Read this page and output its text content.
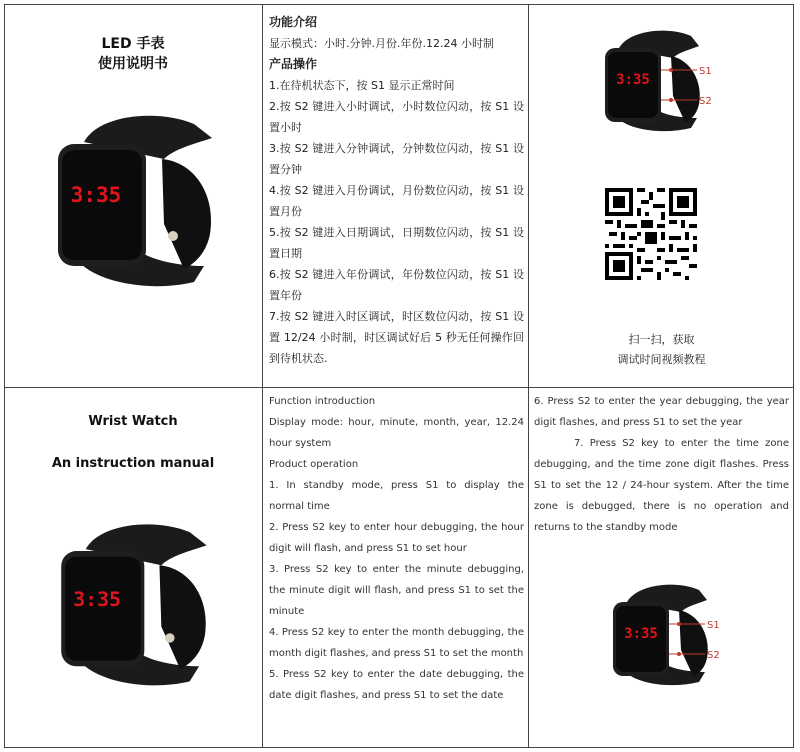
LED 手表
使用说明书
3:35

功能介绍

显示模式：小时.分钟.月份.年份.12.24 小时制

产品操作

1.在待机状态下，按 S1 显示正常时间

2.按 S2 键进入小时调试，小时数位闪动，按 S1 设置小时

3.按 S2 键进入分钟调试，分钟数位闪动，按 S1 设置分钟

4.按 S2 键进入月份调试，月份数位闪动，按 S1 设置月份

5.按 S2 键进入日期调试，日期数位闪动，按 S1 设置日期

6.按 S2 键进入年份调试，年份数位闪动，按 S1 设置年份

7.按 S2 键进入时区调试，时区数位闪动，按 S1 设置 12/24 小时制，时区调试好后 5 秒无任何操作回到待机状态.

3:35
S1
S2
扫一扫，获取
调试时间视频教程
Wrist Watch
An instruction manual
3:35

Function introduction

Display mode: hour, minute, month, year, 12.24 hour system

Product operation

1. In standby mode, press S1 to display the normal time

2. Press S2 key to enter hour debugging, the hour digit will flash, and press S1 to set hour

3. Press S2 key to enter the minute debugging, the minute digit will flash, and press S1 to set the minute

4. Press S2 key to enter the month debugging, the month digit flashes, and press S1 to set the month

5. Press S2 key to enter the date debugging, the date digit flashes, and press S1 to set the date

6. Press S2 to enter the year debugging, the year digit flashes, and press S1 to set the year

7. Press S2 key to enter the time zone debugging, and the time zone digit flashes. Press S1 to set the 12 / 24-hour system. After the time zone is debugged, there is no operation and returns to the standby mode

3:35
S1
S2
